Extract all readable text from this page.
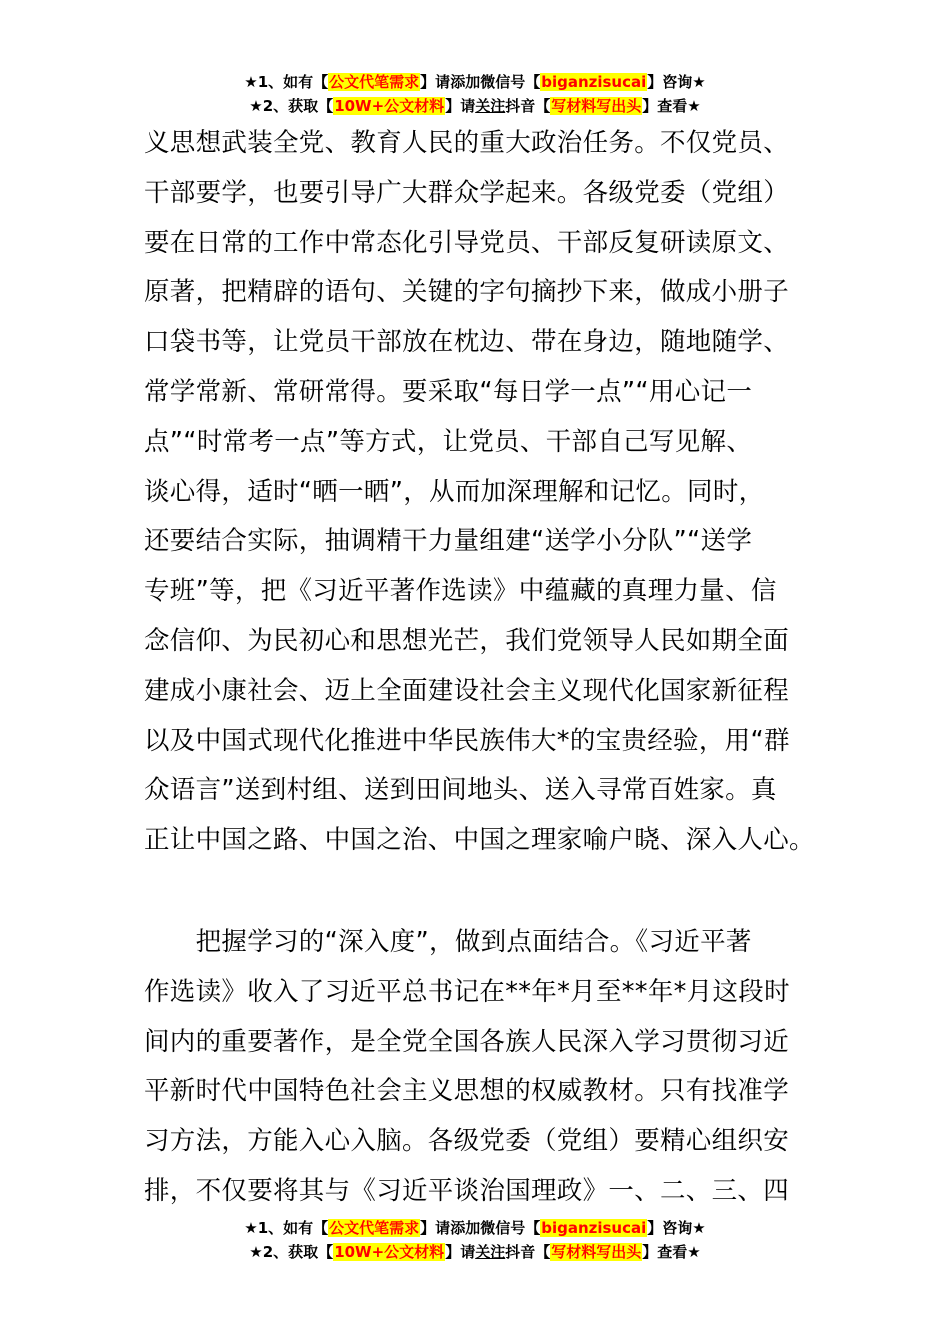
★1、如有【公文代笔需求】请添加微信号【biganzisucai】咨询★
★2、获取【10W+公文材料】请关注抖音【写材料写出头】查看★
义思想武装全党、教育人民的重大政治任务。不仅党员、
干部要学，也要引导广大群众学起来。各级党委（党组）
要在日常的工作中常态化引导党员、干部反复研读原文、
原著，把精辟的语句、关键的字句摘抄下来，做成小册子
口袋书等，让党员干部放在枕边、带在身边，随地随学、
常学常新、常研常得。要采取“每日学一点”“用心记一
点”“时常考一点”等方式，让党员、干部自己写见解、
谈心得，适时“晒一晒”，从而加深理解和记忆。同时，
还要结合实际，抽调精干力量组建“送学小分队”“送学
专班”等，把《习近平著作选读》中蕴藏的真理力量、信
念信仰、为民初心和思想光芒，我们党领导人民如期全面
建成小康社会、迈上全面建设社会主义现代化国家新征程
以及中国式现代化推进中华民族伟大*的宝贵经验，用“群
众语言”送到村组、送到田间地头、送入寻常百姓家。真
正让中国之路、中国之治、中国之理家喻户晓、深入人心。
　　把握学习的“深入度”，做到点面结合。《习近平著
作选读》收入了习近平总书记在**年*月至**年*月这段时
间内的重要著作，是全党全国各族人民深入学习贯彻习近
平新时代中国特色社会主义思想的权威教材。只有找准学
习方法，方能入心入脑。各级党委（党组）要精心组织安
排，不仅要将其与《习近平谈治国理政》一、二、三、四
★1、如有【公文代笔需求】请添加微信号【biganzisucai】咨询★
★2、获取【10W+公文材料】请关注抖音【写材料写出头】查看★
